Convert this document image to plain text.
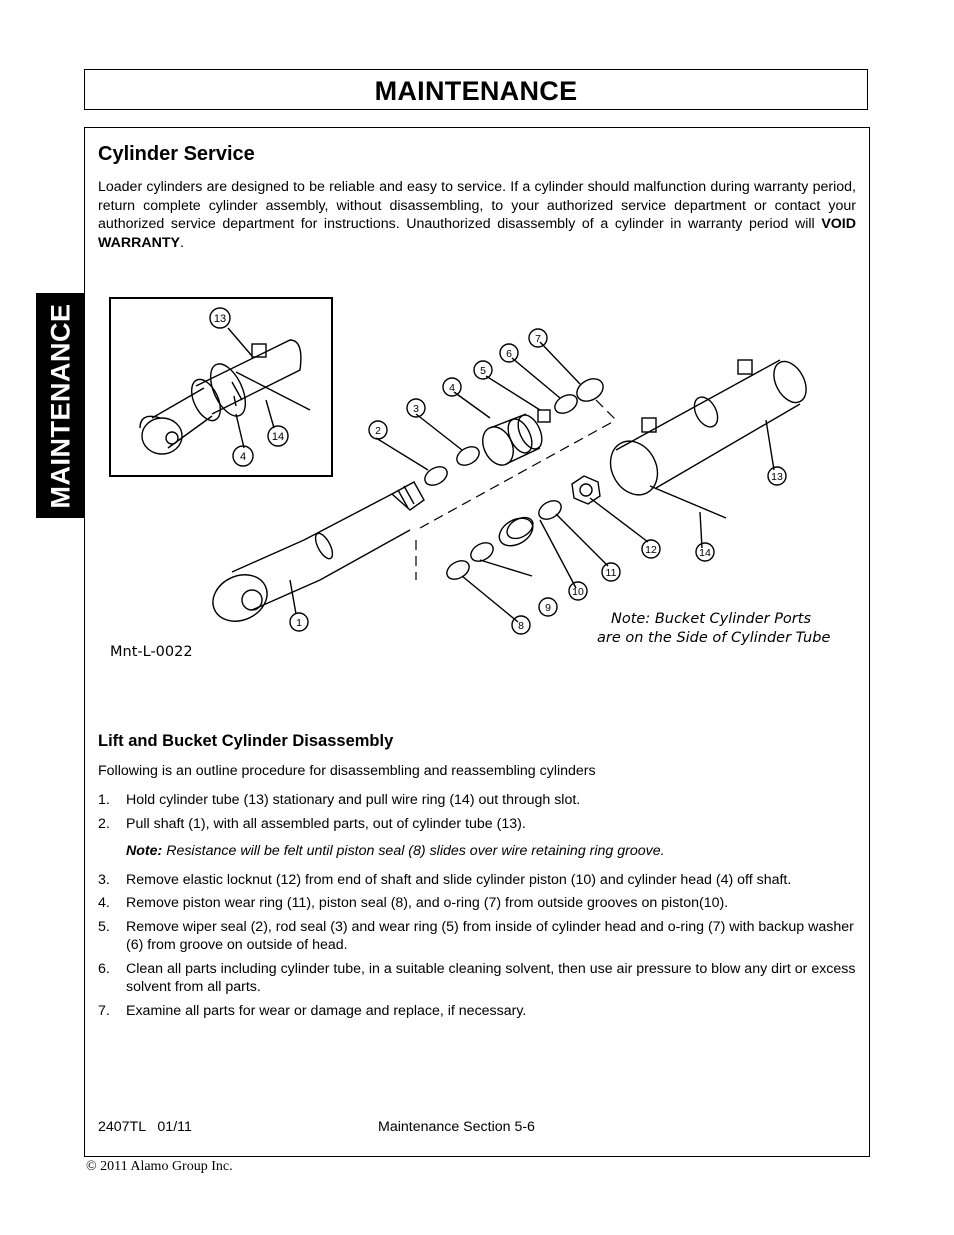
MAINTENANCE
MAINTENANCE
Cylinder Service
Loader cylinders are designed to be reliable and easy to service. If a cylinder should malfunction during warranty period, return complete cylinder assembly, without disassembling, to your authorized service department or contact your authorized service department for instructions. Unauthorized disassembly of a cylinder in warranty period will VOID WARRANTY.
13
4
14
7
6
5
4
3
2
1
12
11
10
9
8
13
14
Note: Bucket Cylinder Ports
are on the Side of Cylinder Tube
Mnt-L-0022
Lift and Bucket Cylinder Disassembly
Following is an outline procedure for disassembling and reassembling cylinders
1. Hold cylinder tube (13) stationary and pull wire ring (14) out through slot.
2. Pull shaft (1), with all assembled parts, out of cylinder tube (13).
Note: Resistance will be felt until piston seal (8) slides over wire retaining ring groove.
3. Remove elastic locknut (12) from end of shaft and slide cylinder piston (10) and cylinder head (4) off shaft.
4. Remove piston wear ring (11), piston seal (8), and o-ring (7) from outside grooves on piston(10).
5. Remove wiper seal (2), rod seal (3) and wear ring (5) from inside of cylinder head and o-ring (7) with backup washer (6) from groove on outside of head.
6. Clean all parts including cylinder tube, in a suitable cleaning solvent, then use air pressure to blow any dirt or excess solvent from all parts.
7. Examine all parts for wear or damage and replace, if necessary.
2407TL   01/11	Maintenance Section 5-6
© 2011 Alamo Group Inc.
